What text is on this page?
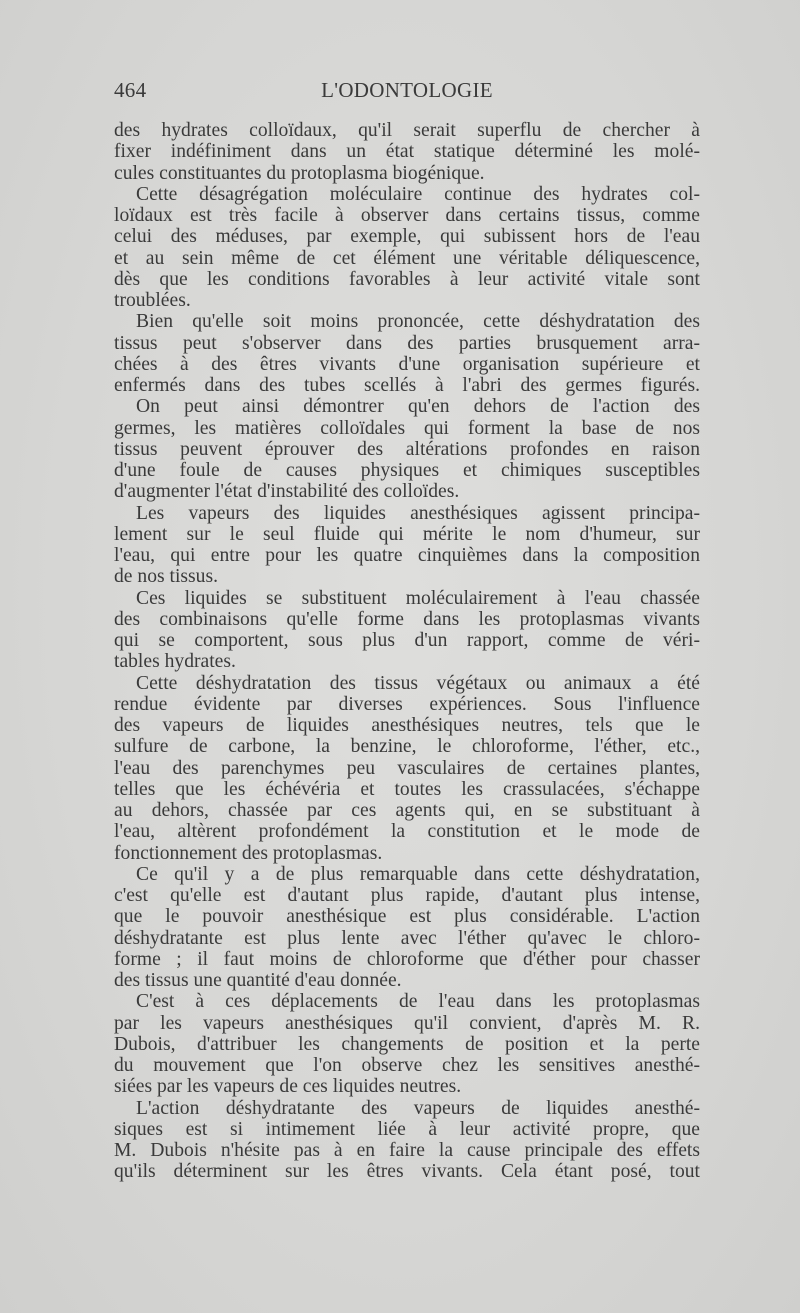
464	L'ODONTOLOGIE
des hydrates colloïdaux, qu'il serait superflu de chercher à
fixer indéfiniment dans un état statique déterminé les molé-
cules constituantes du protoplasma biogénique.
Cette désagrégation moléculaire continue des hydrates col-
loïdaux est très facile à observer dans certains tissus, comme
celui des méduses, par exemple, qui subissent hors de l'eau
et au sein même de cet élément une véritable déliquescence,
dès que les conditions favorables à leur activité vitale sont
troublées.
Bien qu'elle soit moins prononcée, cette déshydratation des
tissus peut s'observer dans des parties brusquement arra-
chées à des êtres vivants d'une organisation supérieure et
enfermés dans des tubes scellés à l'abri des germes figurés.
On peut ainsi démontrer qu'en dehors de l'action des
germes, les matières colloïdales qui forment la base de nos
tissus peuvent éprouver des altérations profondes en raison
d'une foule de causes physiques et chimiques susceptibles
d'augmenter l'état d'instabilité des colloïdes.
Les vapeurs des liquides anesthésiques agissent principa-
lement sur le seul fluide qui mérite le nom d'humeur, sur
l'eau, qui entre pour les quatre cinquièmes dans la composition
de nos tissus.
Ces liquides se substituent moléculairement à l'eau chassée
des combinaisons qu'elle forme dans les protoplasmas vivants
qui se comportent, sous plus d'un rapport, comme de véri-
tables hydrates.
Cette déshydratation des tissus végétaux ou animaux a été
rendue évidente par diverses expériences. Sous l'influence
des vapeurs de liquides anesthésiques neutres, tels que le
sulfure de carbone, la benzine, le chloroforme, l'éther, etc.,
l'eau des parenchymes peu vasculaires de certaines plantes,
telles que les échévéria et toutes les crassulacées, s'échappe
au dehors, chassée par ces agents qui, en se substituant à
l'eau, altèrent profondément la constitution et le mode de
fonctionnement des protoplasmas.
Ce qu'il y a de plus remarquable dans cette déshydratation,
c'est qu'elle est d'autant plus rapide, d'autant plus intense,
que le pouvoir anesthésique est plus considérable. L'action
déshydratante est plus lente avec l'éther qu'avec le chloro-
forme ; il faut moins de chloroforme que d'éther pour chasser
des tissus une quantité d'eau donnée.
C'est à ces déplacements de l'eau dans les protoplasmas
par les vapeurs anesthésiques qu'il convient, d'après M. R.
Dubois, d'attribuer les changements de position et la perte
du mouvement que l'on observe chez les sensitives anesthé-
siées par les vapeurs de ces liquides neutres.
L'action déshydratante des vapeurs de liquides anesthé-
siques est si intimement liée à leur activité propre, que
M. Dubois n'hésite pas à en faire la cause principale des effets
qu'ils déterminent sur les êtres vivants. Cela étant posé, tout
